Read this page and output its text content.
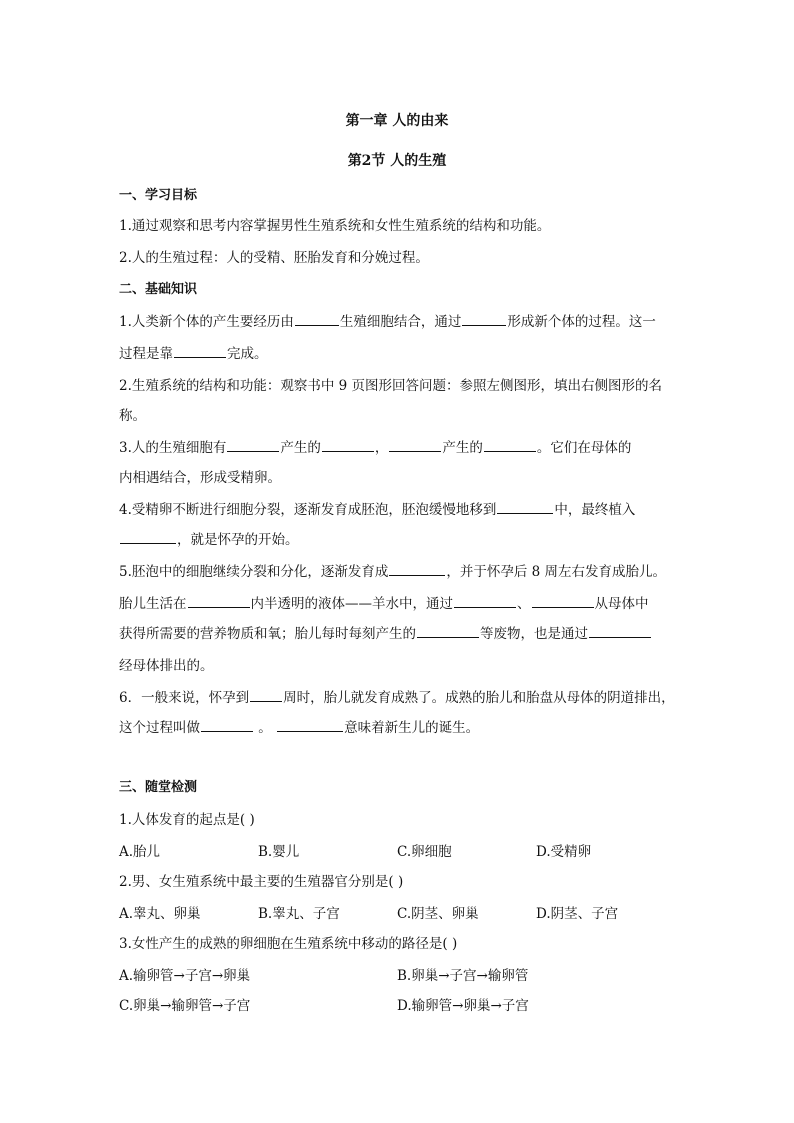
第一章 人的由来
第2节 人的生殖
一、学习目标
1.通过观察和思考内容掌握男性生殖系统和女性生殖系统的结构和功能。
2.人的生殖过程：人的受精、胚胎发育和分娩过程。
二、基础知识
1.人类新个体的产生要经历由	生殖细胞结合，通过	形成新个体的过程。这一
过程是靠	完成。
2.生殖系统的结构和功能：观察书中 9 页图形回答问题：参照左侧图形，填出右侧图形的名
称。
3.人的生殖细胞有	产生的	，	产生的	。它们在母体的
内相遇结合，形成受精卵。
4.受精卵不断进行细胞分裂，逐渐发育成胚泡，胚泡缓慢地移到	中，最终植入
，就是怀孕的开始。
5.胚泡中的细胞继续分裂和分化，逐渐发育成	，并于怀孕后 8 周左右发育成胎儿。
胎儿生活在	内半透明的液体——羊水中，通过	、	从母体中
获得所需要的营养物质和氧；胎儿每时每刻产生的	等废物，也是通过
经母体排出的。
6．一般来说，怀孕到	周时，胎儿就发育成熟了。成熟的胎儿和胎盘从母体的阴道排出，
这个过程叫做	。	意味着新生儿的诞生。
三、随堂检测
1.人体发育的起点是( )
A.胎儿	B.婴儿	C.卵细胞	D.受精卵
2.男、女生殖系统中最主要的生殖器官分别是( )
A.睾丸、卵巢	B.睾丸、子宫	C.阴茎、卵巢	D.阴茎、子宫
3.女性产生的成熟的卵细胞在生殖系统中移动的路径是( )
A.输卵管→子宫→卵巢	B.卵巢→子宫→输卵管
C.卵巢→输卵管→子宫	D.输卵管→卵巢→子宫
